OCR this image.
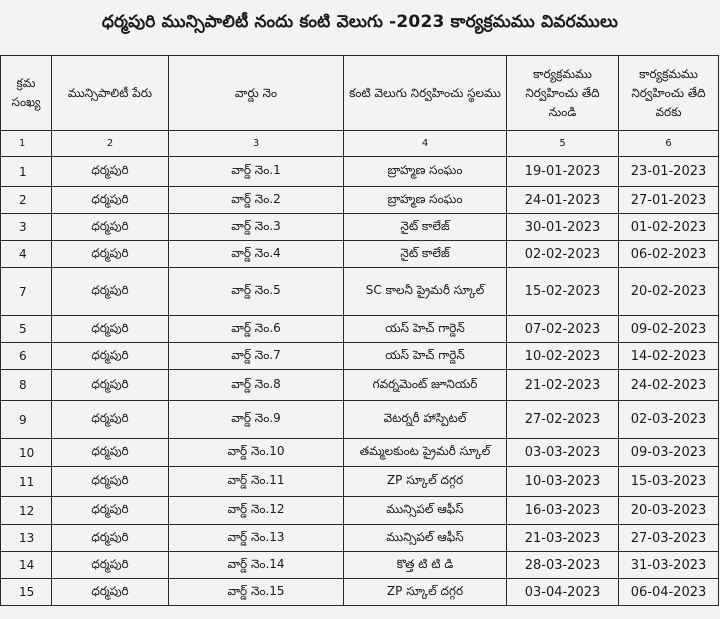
ధర్మపురి మున్సిపాలిటీ నందు కంటి వెలుగు -2023 కార్యక్రమము వివరములు
క్రమ సంఖ్య	మున్సిపాలిటీ పేరు	వార్డు నెం	కంటి వెలుగు నిర్వహించు స్థలము	కార్యక్రమము నిర్వహించు తేది నుండి	కార్యక్రమము నిర్వహించు తేది వరకు
1	2	3	4	5	6
1	ధర్మపురి	వార్డ్ నెం.1	బ్రాహ్మణ సంఘం	19-01-2023	23-01-2023
2	ధర్మపురి	వార్డ్ నెం.2	బ్రాహ్మణ సంఘం	24-01-2023	27-01-2023
3	ధర్మపురి	వార్డ్ నెం.3	నైట్ కాలేజ్	30-01-2023	01-02-2023
4	ధర్మపురి	వార్డ్ నెం.4	నైట్ కాలేజ్	02-02-2023	06-02-2023
7	ధర్మపురి	వార్డ్ నెం.5	SC కాలనీ ప్రైమరీ స్కూల్	15-02-2023	20-02-2023
5	ధర్మపురి	వార్డ్ నెం.6	యస్ హెచ్ గార్డెన్	07-02-2023	09-02-2023
6	ధర్మపురి	వార్డ్ నెం.7	యస్ హెచ్ గార్డెన్	10-02-2023	14-02-2023
8	ధర్మపురి	వార్డ్ నెం.8	గవర్నమెంట్ జూనియర్	21-02-2023	24-02-2023
9	ధర్మపురి	వార్డ్ నెం.9	వెటర్నరీ హాస్పిటల్	27-02-2023	02-03-2023
10	ధర్మపురి	వార్డ్ నెం.10	తమ్మలకుంట ప్రైమరీ స్కూల్	03-03-2023	09-03-2023
11	ధర్మపురి	వార్డ్ నెం.11	ZP స్కూల్ దగ్గర	10-03-2023	15-03-2023
12	ధర్మపురి	వార్డ్ నెం.12	మున్సిపల్ ఆఫీస్	16-03-2023	20-03-2023
13	ధర్మపురి	వార్డ్ నెం.13	మున్సిపల్ ఆఫీస్	21-03-2023	27-03-2023
14	ధర్మపురి	వార్డ్ నెం.14	కొత్త టి టి డి	28-03-2023	31-03-2023
15	ధర్మపురి	వార్డ్ నెం.15	ZP స్కూల్ దగ్గర	03-04-2023	06-04-2023
